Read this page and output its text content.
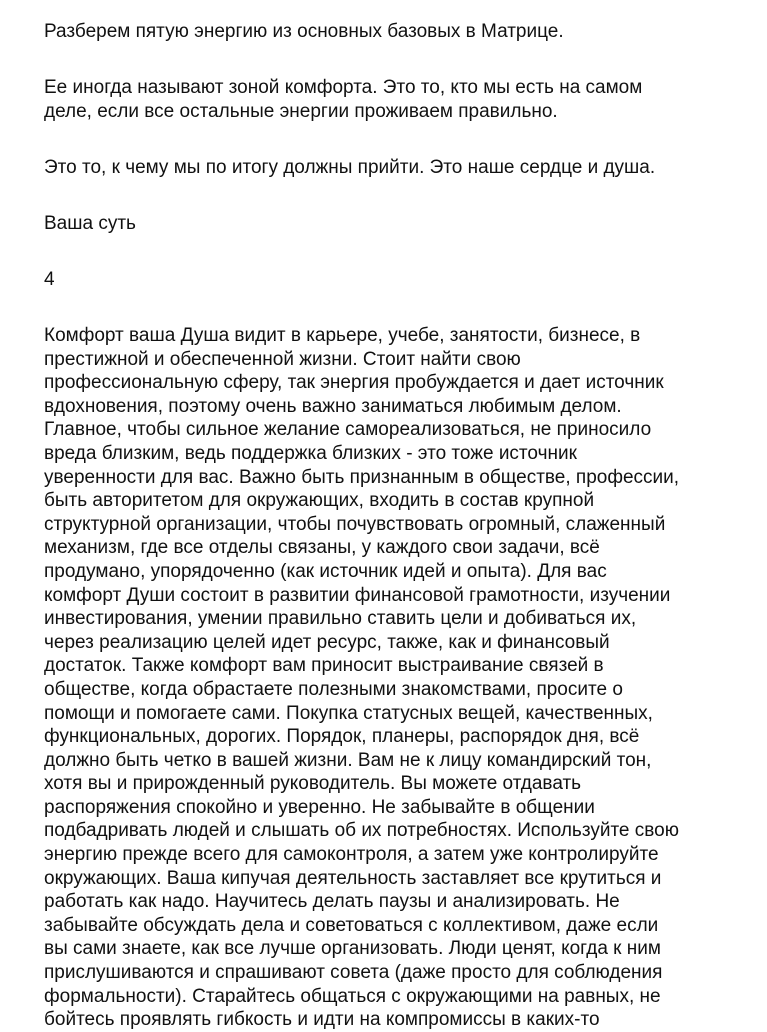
Разберем пятую энергию из основных базовых в Матрице.

Ее иногда называют зоной комфорта. Это то, кто мы есть на самом
деле, если все остальные энергии проживаем правильно.

Это то, к чему мы по итогу должны прийти. Это наше сердце и душа.

Ваша суть

4

Комфорт ваша Душа видит в карьере, учебе, занятости, бизнесе, в
престижной и обеспеченной жизни. Стоит найти свою
профессиональную сферу, так энергия пробуждается и дает источник
вдохновения, поэтому очень важно заниматься любимым делом.
Главное, чтобы сильное желание самореализоваться, не приносило
вреда близким, ведь поддержка близких - это тоже источник
уверенности для вас. Важно быть признанным в обществе, профессии,
быть авторитетом для окружающих, входить в состав крупной
структурной организации, чтобы почувствовать огромный, слаженный
механизм, где все отделы связаны, у каждого свои задачи, всё
продумано, упорядоченно (как источник идей и опыта). Для вас
комфорт Души состоит в развитии финансовой грамотности, изучении
инвестирования, умении правильно ставить цели и добиваться их,
через реализацию целей идет ресурс, также, как и финансовый
достаток. Также комфорт вам приносит выстраивание связей в
обществе, когда обрастаете полезными знакомствами, просите о
помощи и помогаете сами. Покупка статусных вещей, качественных,
функциональных, дорогих. Порядок, планеры, распорядок дня, всё
должно быть четко в вашей жизни. Вам не к лицу командирский тон,
хотя вы и прирожденный руководитель. Вы можете отдавать
распоряжения спокойно и уверенно. Не забывайте в общении
подбадривать людей и слышать об их потребностях. Используйте свою
энергию прежде всего для самоконтроля, а затем уже контролируйте
окружающих. Ваша кипучая деятельность заставляет все крутиться и
работать как надо. Научитесь делать паузы и анализировать. Не
забывайте обсуждать дела и советоваться с коллективом, даже если
вы сами знаете, как все лучше организовать. Люди ценят, когда к ним
прислушиваются и спрашивают совета (даже просто для соблюдения
формальности). Старайтесь общаться с окружающими на равных, не
бойтесь проявлять гибкость и идти на компромиссы в каких-то
